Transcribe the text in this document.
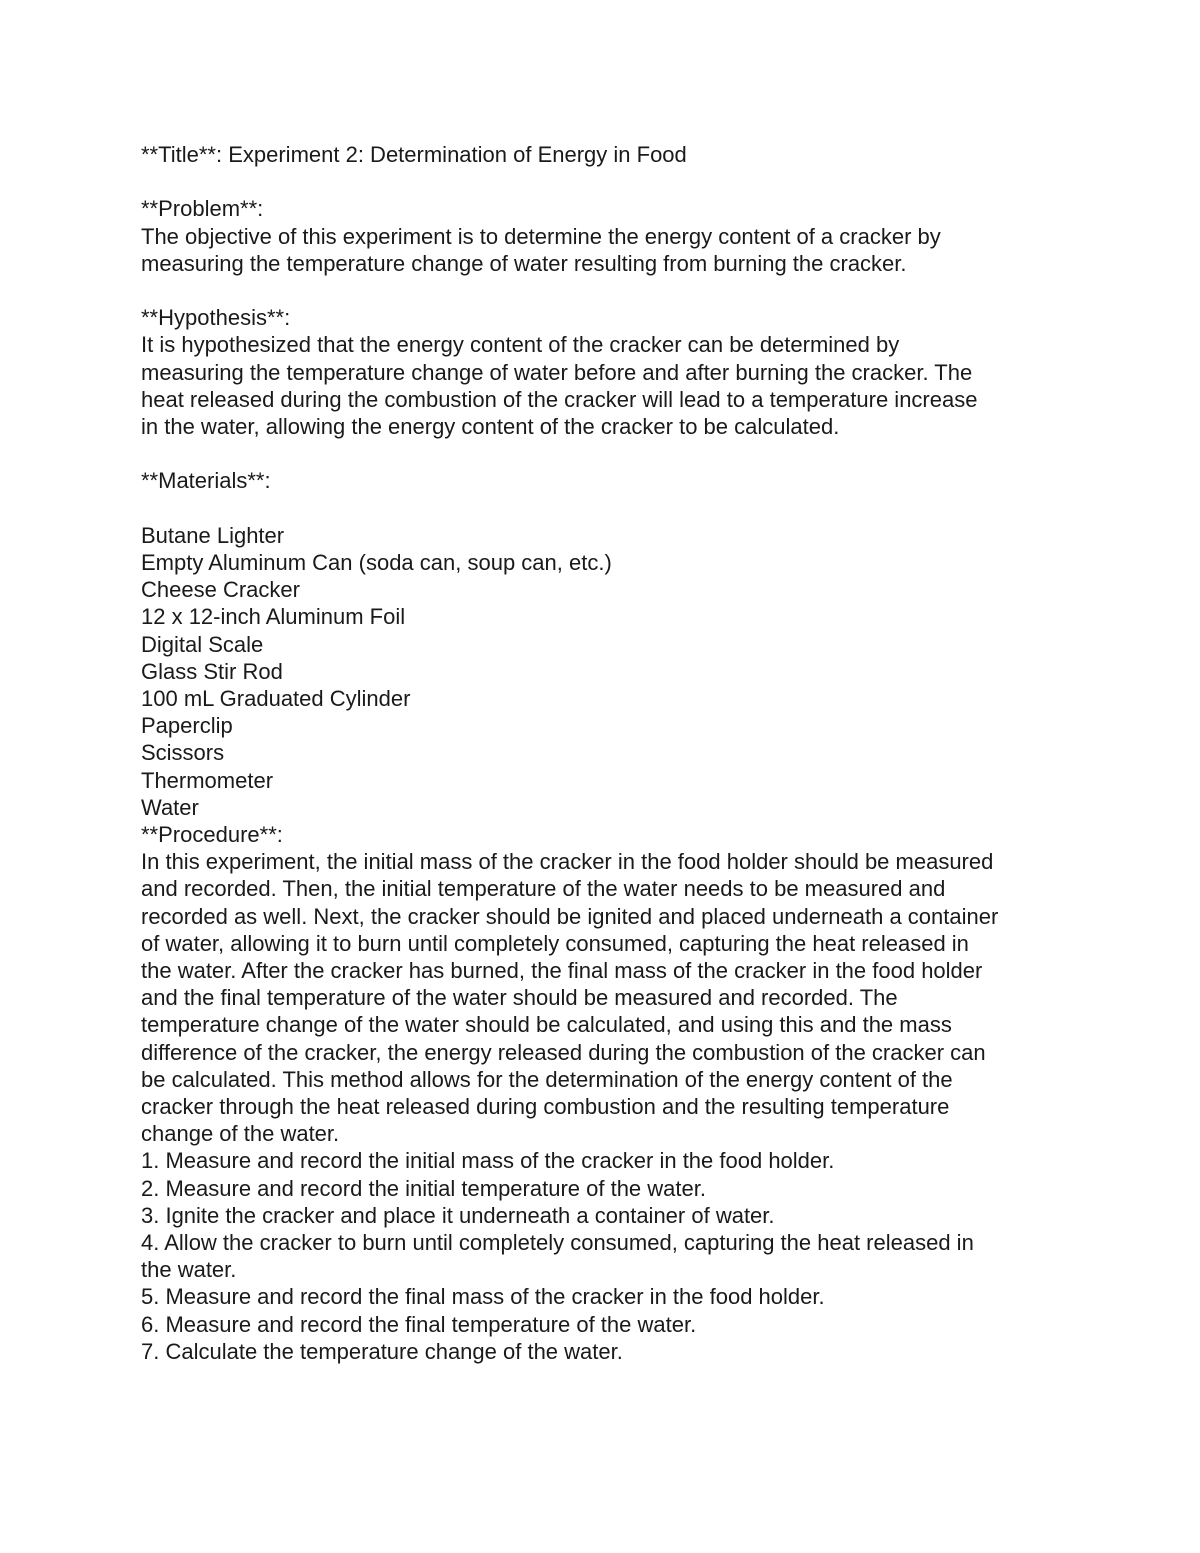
**Title**: Experiment 2: Determination of Energy in Food

**Problem**:

The objective of this experiment is to determine the energy content of a cracker by

measuring the temperature change of water resulting from burning the cracker.

**Hypothesis**:

It is hypothesized that the energy content of the cracker can be determined by

measuring the temperature change of water before and after burning the cracker. The

heat released during the combustion of the cracker will lead to a temperature increase

in the water, allowing the energy content of the cracker to be calculated.

**Materials**:

Butane Lighter

Empty Aluminum Can (soda can, soup can, etc.)

Cheese Cracker

12 x 12-inch Aluminum Foil

Digital Scale

Glass Stir Rod

100 mL Graduated Cylinder

Paperclip

Scissors

Thermometer

Water

**Procedure**:

In this experiment, the initial mass of the cracker in the food holder should be measured

and recorded. Then, the initial temperature of the water needs to be measured and

recorded as well. Next, the cracker should be ignited and placed underneath a container

of water, allowing it to burn until completely consumed, capturing the heat released in

the water. After the cracker has burned, the final mass of the cracker in the food holder

and the final temperature of the water should be measured and recorded. The

temperature change of the water should be calculated, and using this and the mass

difference of the cracker, the energy released during the combustion of the cracker can

be calculated. This method allows for the determination of the energy content of the

cracker through the heat released during combustion and the resulting temperature

change of the water.

1. Measure and record the initial mass of the cracker in the food holder.

2. Measure and record the initial temperature of the water.

3. Ignite the cracker and place it underneath a container of water.

4. Allow the cracker to burn until completely consumed, capturing the heat released in

the water.

5. Measure and record the final mass of the cracker in the food holder.

6. Measure and record the final temperature of the water.

7. Calculate the temperature change of the water.
